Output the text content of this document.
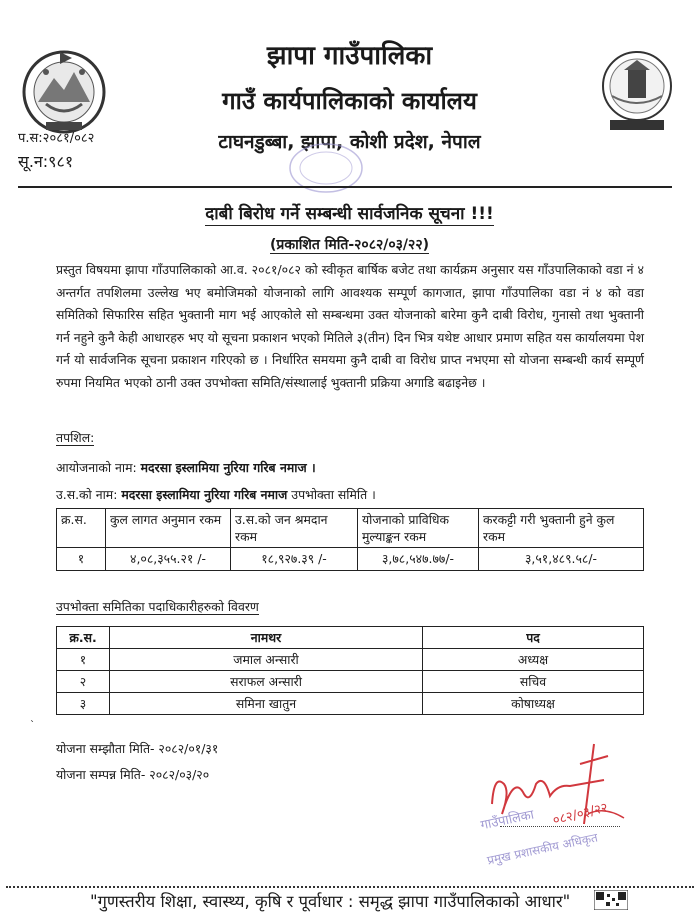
झापा गाउँपालिका
गाउँ कार्यपालिकाको कार्यालय
टाघनडुब्बा, झापा, कोशी प्रदेश, नेपाल
प.स:२०८१/०८२
सू.न:९८१
दाबी बिरोध गर्ने सम्बन्धी सार्वजनिक सूचना !!!
(प्रकाशित मिति-२०८२/०३/२२)
प्रस्तुत विषयमा झापा गाँउपालिकाको आ.व. २०८१/०८२ को स्वीकृत बार्षिक बजेट तथा कार्यक्रम अनुसार यस गाँउपालिकाको वडा नं ४ अन्तर्गत तपशिलमा उल्लेख भए बमोजिमको योजनाको लागि आवश्यक सम्पूर्ण कागजात, झापा गाँउपालिका वडा नं ४ को वडा समितिको सिफारिस सहित भुक्तानी माग भई आएकोले सो सम्बन्धमा उक्त योजनाको बारेमा कुनै दाबी विरोध, गुनासो तथा भुक्तानी गर्न नहुने कुनै केही आधारहरु भए यो सूचना प्रकाशन भएको मितिले ३(तीन) दिन भित्र यथेष्ट आधार प्रमाण सहित यस कार्यालयमा पेश गर्न यो सार्वजनिक सूचना प्रकाशन गरिएको छ । निर्धारित समयमा कुनै दाबी वा विरोध प्राप्त नभएमा सो योजना सम्बन्धी कार्य सम्पूर्ण रुपमा नियमित भएको ठानी उक्त उपभोक्ता समिति/संस्थालाई भुक्तानी प्रक्रिया अगाडि बढाइनेछ ।
तपशिल:
आयोजनाको नाम: मदरसा इस्लामिया नुरिया गरिब नमाज ।
उ.स.को नाम: मदरसा इस्लामिया नुरिया गरिब नमाज उपभोक्ता समिति ।
क्र.स.	कुल लागत अनुमान रकम	उ.स.को जन श्रमदान रकम	योजनाको प्राविधिक मुल्याङ्कन रकम	करकट्टी गरी भुक्तानी हुने कुल रकम
१	४,०८,३५५.२१ /-	१८,९२७.३९ /-	३,७८,५४७.७७/-	३,५१,४८९.५८/-
उपभोक्ता समितिका पदाधिकारीहरुको विवरण
क्र.स.	नामथर	पद
१	जमाल अन्सारी	अध्यक्ष
२	सराफल अन्सारी	सचिव
३	समिना खातुन	कोषाध्यक्ष
`
योजना सम्झौता मिति- २०८२/०१/३१
योजना सम्पन्न मिति- २०८२/०३/२०
गाउँपालिका
प्रमुख प्रशासकीय अधिकृत
०८२/०३/२२
"गुणस्तरीय शिक्षा, स्वास्थ्य, कृषि र पूर्वाधार : समृद्ध झापा गाउँपालिकाको आधार"
